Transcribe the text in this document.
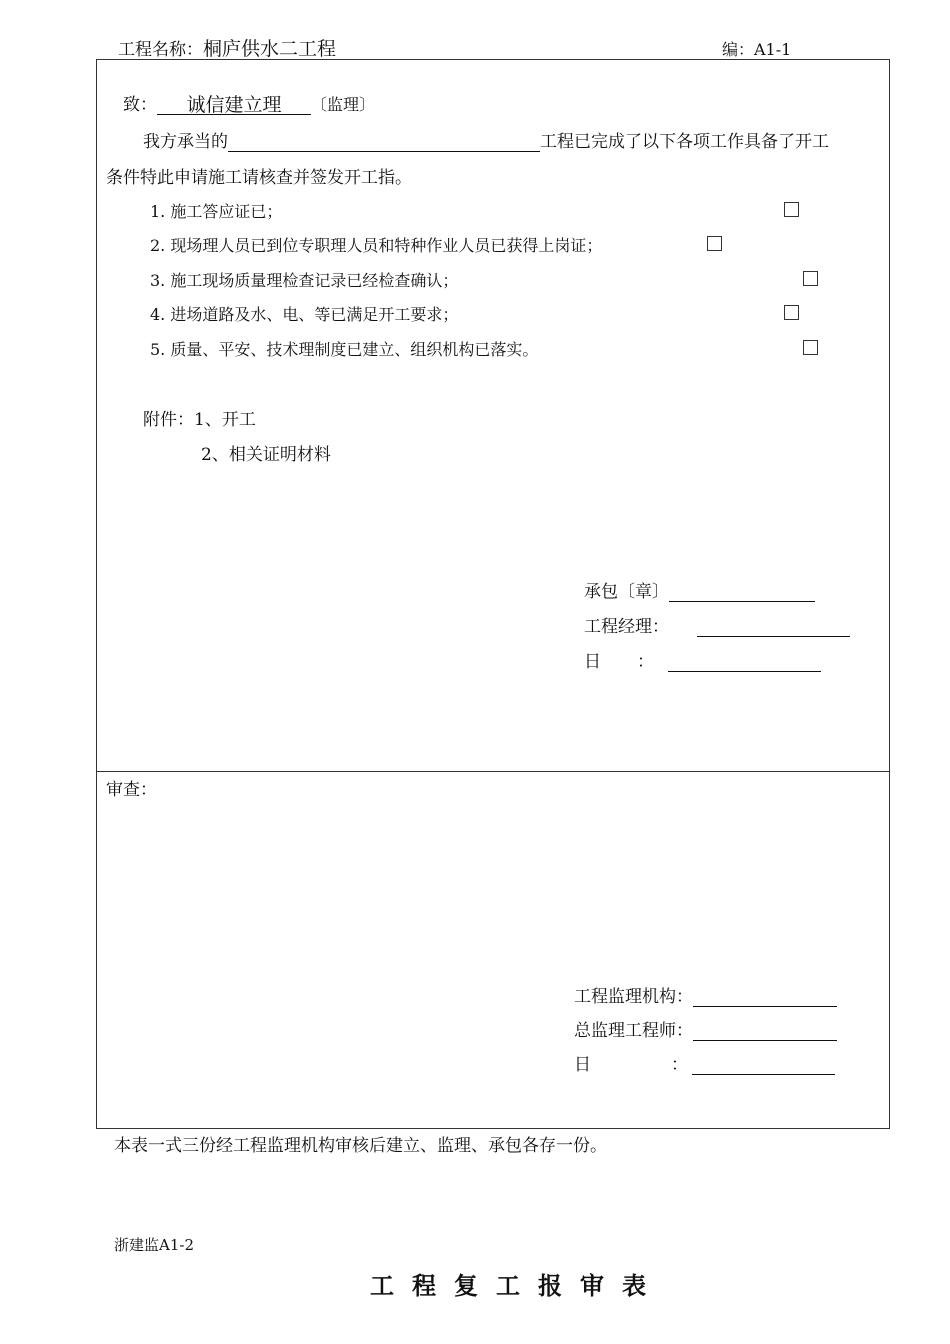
工程名称：桐庐供水二工程	编：A1-1
致： 诚信建立理 〔监理〕
我方承当的	工程已完成了以下各项工作具备了开工
条件特此申请施工请核查并签发开工指。
1. 施工答应证已；
2. 现场理人员已到位专职理人员和特种作业人员已获得上岗证；
3. 施工现场质量理检查记录已经检查确认；
4. 进场道路及水、电、等已满足开工要求；
5. 质量、平安、技术理制度已建立、组织机构已落实。
附件：1、开工
2、相关证明材料
承包〔章〕
工程经理：
日 ：
审查：
工程监理机构：
总监理工程师：
日	：
本表一式三份经工程监理机构审核后建立、监理、承包各存一份。
浙建监A1-2
工程复工报审表
